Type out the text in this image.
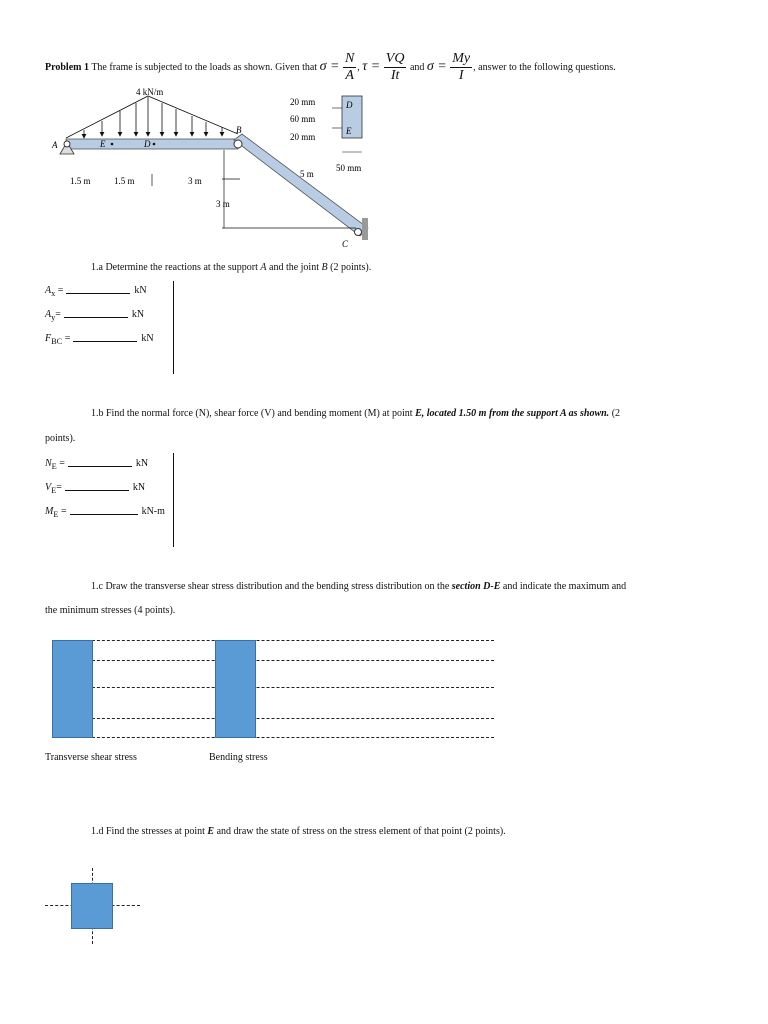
Problem 1 The frame is subjected to the loads as shown. Given that $\sigma = \frac{N}{A}$ , $\tau = \frac{VQ}{It}$ and $\sigma = \frac{My}{I}$ , answer to the following questions.
4 kN/m
A	E	D
B
C
1.5 m	1.5 m	3 m
3 m
5 m
20 mm
60 mm
20 mm
D
E
50 mm
1.a Determine the reactions at the support A and the joint B (2 points).
$A_x$ =	kN
$A_y=$	kN
$F_{BC}$ =	kN
1.b Find the normal force (N), shear force (V) and bending moment (M) at point E, located 1.50 m from the support A as shown. (2
points).
$N_E$ =	kN
$V_E=$	kN
$M_E$ =	kN-m
1.c Draw the transverse shear stress distribution and the bending stress distribution on the section D-E and indicate the maximum and
the minimum stresses (4 points).
Transverse shear stress	Bending stress
1.d Find the stresses at point E and draw the state of stress on the stress element of that point (2 points).
